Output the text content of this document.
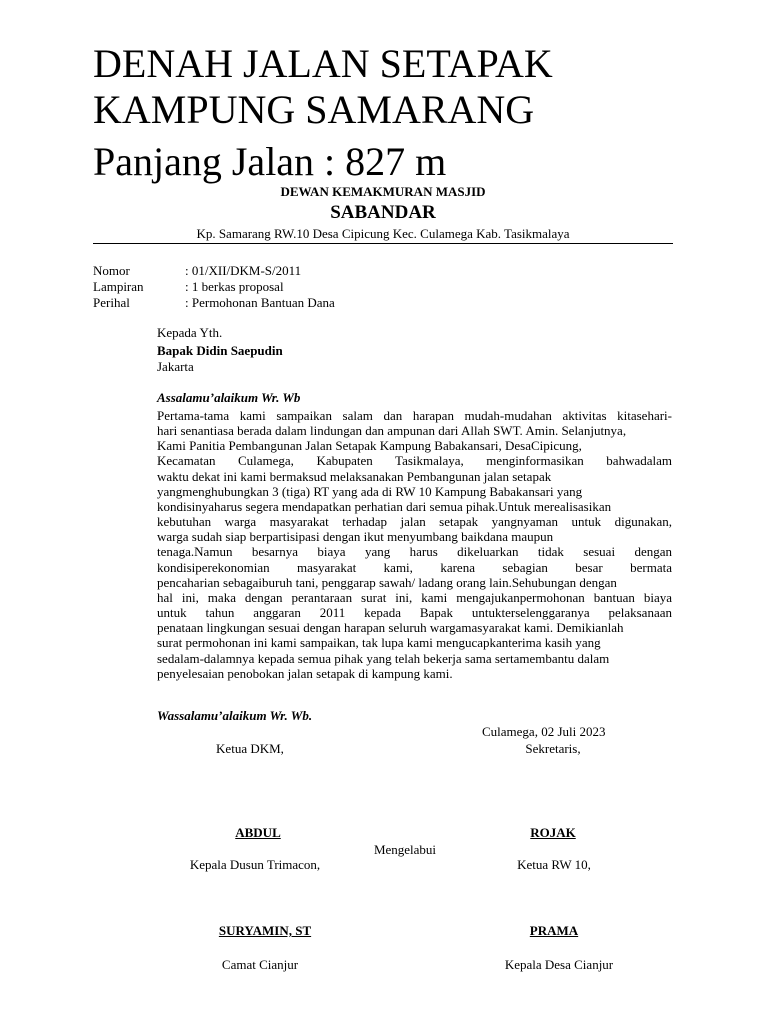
DENAH JALAN SETAPAK
KAMPUNG SAMARANG
Panjang Jalan : 827 m
DEWAN KEMAKMURAN MASJID
SABANDAR
Kp. Samarang RW.10 Desa Cipicung Kec. Culamega Kab. Tasikmalaya
Nomor	: 01/XII/DKM-S/2011
Lampiran	: 1 berkas proposal
Perihal	: Permohonan Bantuan Dana
Kepada Yth.
Bapak Didin Saepudin
Jakarta
Assalamu’alaikum Wr. Wb
Pertama-tama kami sampaikan salam dan harapan mudah-mudahan aktivitas kitasehari-
hari senantiasa berada dalam lindungan dan ampunan dari Allah SWT. Amin. Selanjutnya,
Kami Panitia Pembangunan Jalan Setapak Kampung Babakansari, DesaCipicung,
Kecamatan Culamega, Kabupaten Tasikmalaya, menginformasikan bahwadalam
waktu dekat ini kami bermaksud melaksanakan Pembangunan jalan setapak
yangmenghubungkan 3 (tiga) RT yang ada di RW 10 Kampung Babakansari yang
kondisinyaharus segera mendapatkan perhatian dari semua pihak.Untuk merealisasikan
kebutuhan warga masyarakat terhadap jalan setapak yangnyaman untuk digunakan,
warga sudah siap berpartisipasi dengan ikut menyumbang baikdana maupun
tenaga.Namun besarnya biaya yang harus dikeluarkan tidak sesuai dengan
kondisiperekonomian masyarakat kami, karena sebagian besar bermata
pencaharian sebagaiburuh tani, penggarap sawah/ ladang orang lain.Sehubungan dengan
hal ini, maka dengan perantaraan surat ini, kami mengajukanpermohonan bantuan biaya
untuk tahun anggaran 2011 kepada Bapak untukterselenggaranya pelaksanaan
penataan lingkungan sesuai dengan harapan seluruh wargamasyarakat kami. Demikianlah
surat permohonan ini kami sampaikan, tak lupa kami mengucapkanterima kasih yang
sedalam-dalamnya kepada semua pihak yang telah bekerja sama sertamembantu dalam
penyelesaian penobokan jalan setapak di kampung kami.
Wassalamu’alaikum Wr. Wb.
Culamega, 02 Juli 2023
Ketua DKM,	Sekretaris,
ABDUL	ROJAK
Mengelabui
Kepala Dusun Trimacon,	Ketua RW 10,
SURYAMIN, ST	PRAMA
Camat Cianjur	Kepala Desa Cianjur
